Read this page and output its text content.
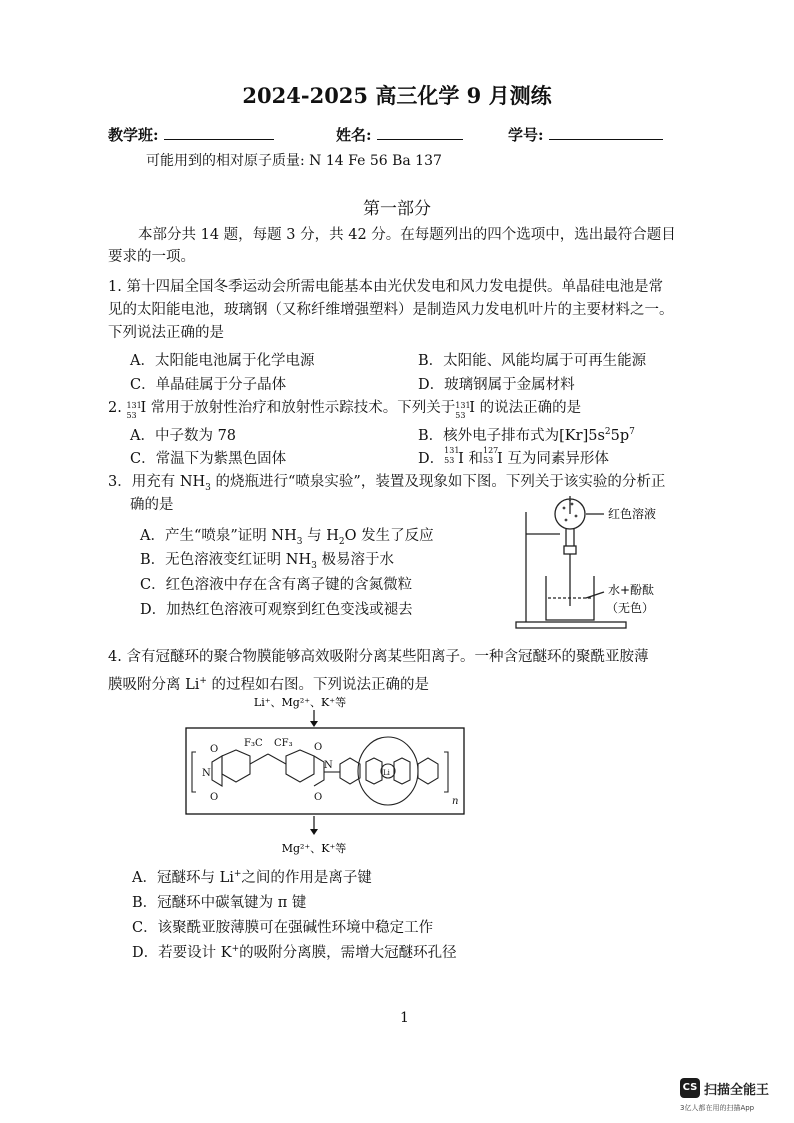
2024-2025 高三化学 9 月测练
教学班:	姓名:	学号:
可能用到的相对原子质量: N 14 Fe 56 Ba 137
第一部分
本部分共 14 题，每题 3 分，共 42 分。在每题列出的四个选项中，选出最符合题目
要求的一项。
1. 第十四届全国冬季运动会所需电能基本由光伏发电和风力发电提供。单晶硅电池是常
见的太阳能电池，玻璃钢（又称纤维增强塑料）是制造风力发电机叶片的主要材料之一。
下列说法正确的是
A．太阳能电池属于化学电源	B．太阳能、风能均属于可再生能源
C．单晶硅属于分子晶体	D．玻璃钢属于金属材料
2. 131
53 I 常用于放射性治疗和放射性示踪技术。下列关于 131
53 I 的说法正确的是
A．中子数为 78	B．核外电子排布式为$[Kr]5s^25p^7$
C．常温下为紫黑色固体	D．
131
53 I 和
127
53 I 互为同素异形体
3．用充有 $NH_3$ 的烧瓶进行“喷泉实验”，装置及现象如下图。下列关于该实验的分析正
确的是
A．产生“喷泉”证明 $NH_3$ 与 $H_2O$ 发生了反应
B．无色溶液变红证明 $NH_3$ 极易溶于水
C．红色溶液中存在含有离子键的含氮微粒
D．加热红色溶液可观察到红色变浅或褪去
红色溶液
水+酚酞
（无色）
4. 含有冠醚环的聚合物膜能够高效吸附分离某些阳离子。一种含冠醚环的聚酰亚胺薄
膜吸附分离 Li+ 的过程如右图。下列说法正确的是
Li⁺、Mg²⁺、K⁺等
N
N
O
O
O
O
F₃C CF₃
Li
n
Mg²⁺、K⁺等
A．冠醚环与 Li+之间的作用是离子键
B．冠醚环中碳氧键为 π 键
C．该聚酰亚胺薄膜可在强碱性环境中稳定工作
D．若要设计 K+的吸附分离膜，需增大冠醚环孔径
1
CS 扫描全能王
3亿人都在用的扫描App
